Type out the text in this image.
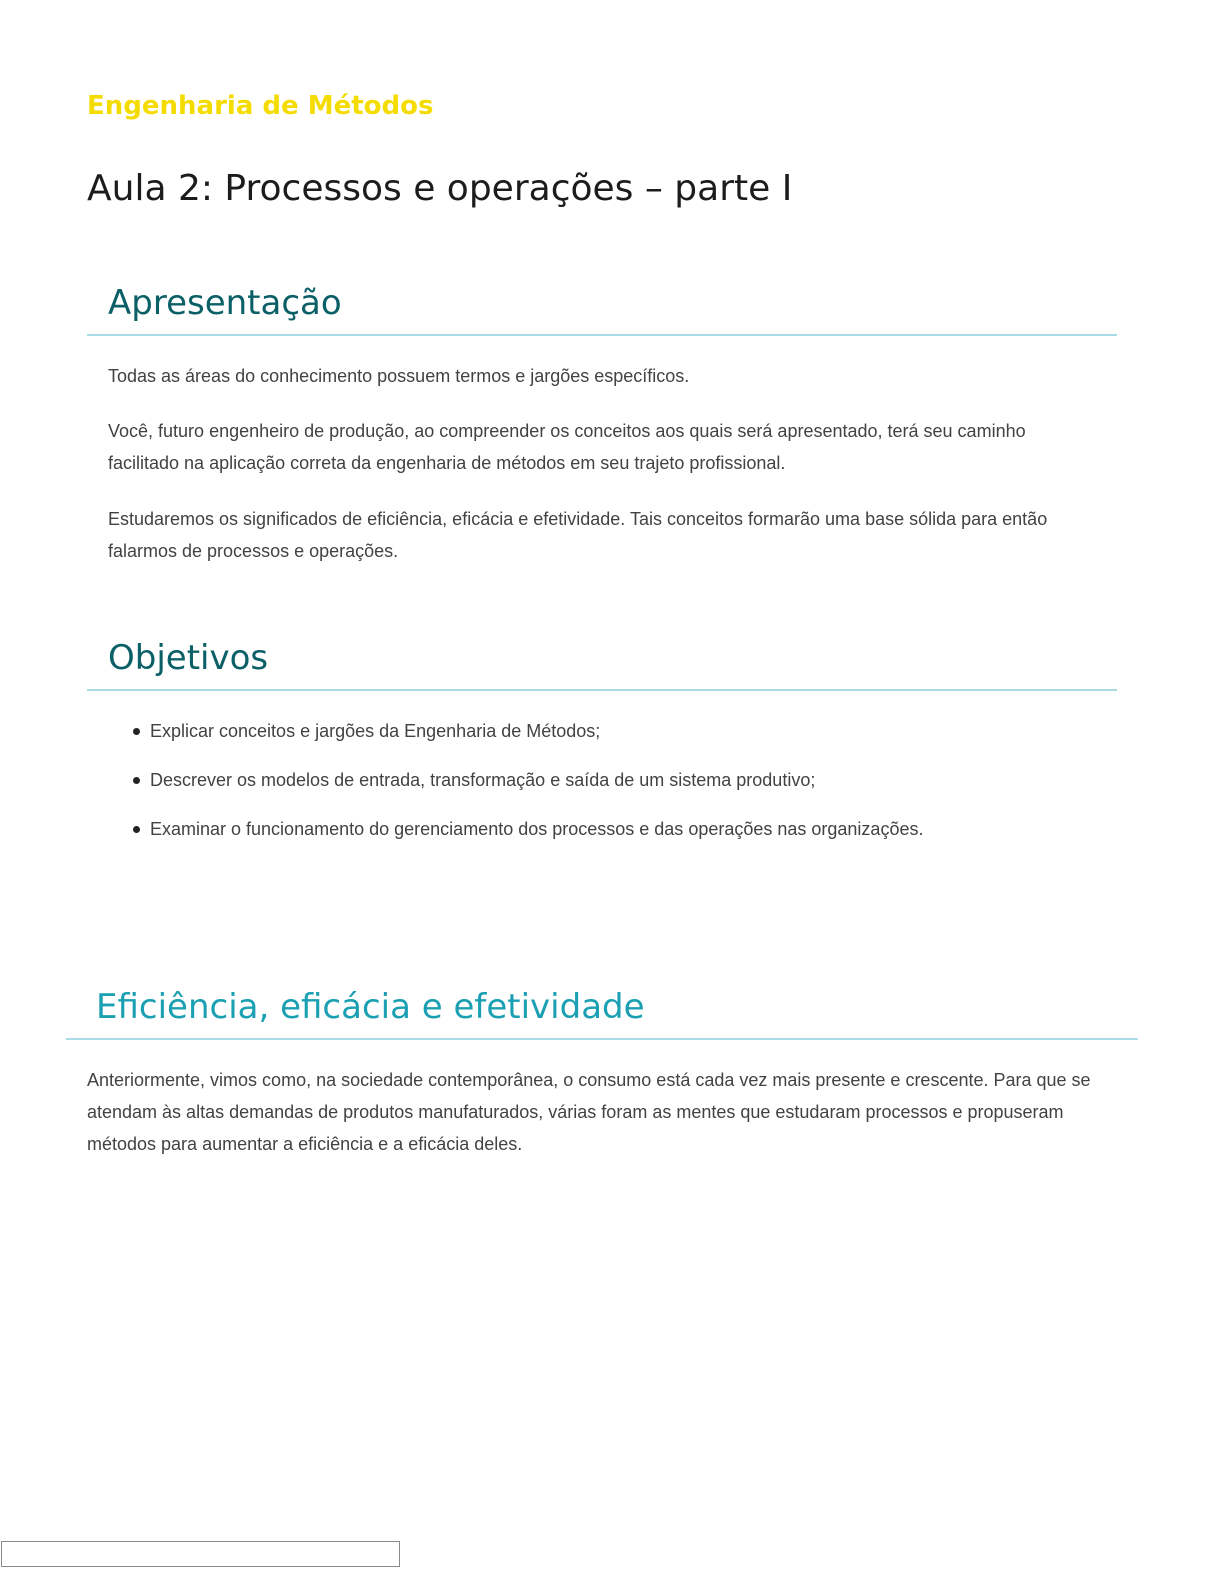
Engenharia de Métodos
Aula 2: Processos e operações – parte I
Apresentação

Todas as áreas do conhecimento possuem termos e jargões específicos.

Você, futuro engenheiro de produção, ao compreender os conceitos aos quais será apresentado, terá seu caminho facilitado na aplicação correta da engenharia de métodos em seu trajeto profissional.

Estudaremos os significados de eficiência, eficácia e efetividade. Tais conceitos formarão uma base sólida para então falarmos de processos e operações.

Objetivos
Explicar conceitos e jargões da Engenharia de Métodos;
Descrever os modelos de entrada, transformação e saída de um sistema produtivo;
Examinar o funcionamento do gerenciamento dos processos e das operações nas organizações.
Eficiência, eficácia e efetividade

Anteriormente, vimos como, na sociedade contemporânea, o consumo está cada vez mais presente e crescente. Para que se atendam às altas demandas de produtos manufaturados, várias foram as mentes que estudaram processos e propuseram métodos para aumentar a eficiência e a eficácia deles.
